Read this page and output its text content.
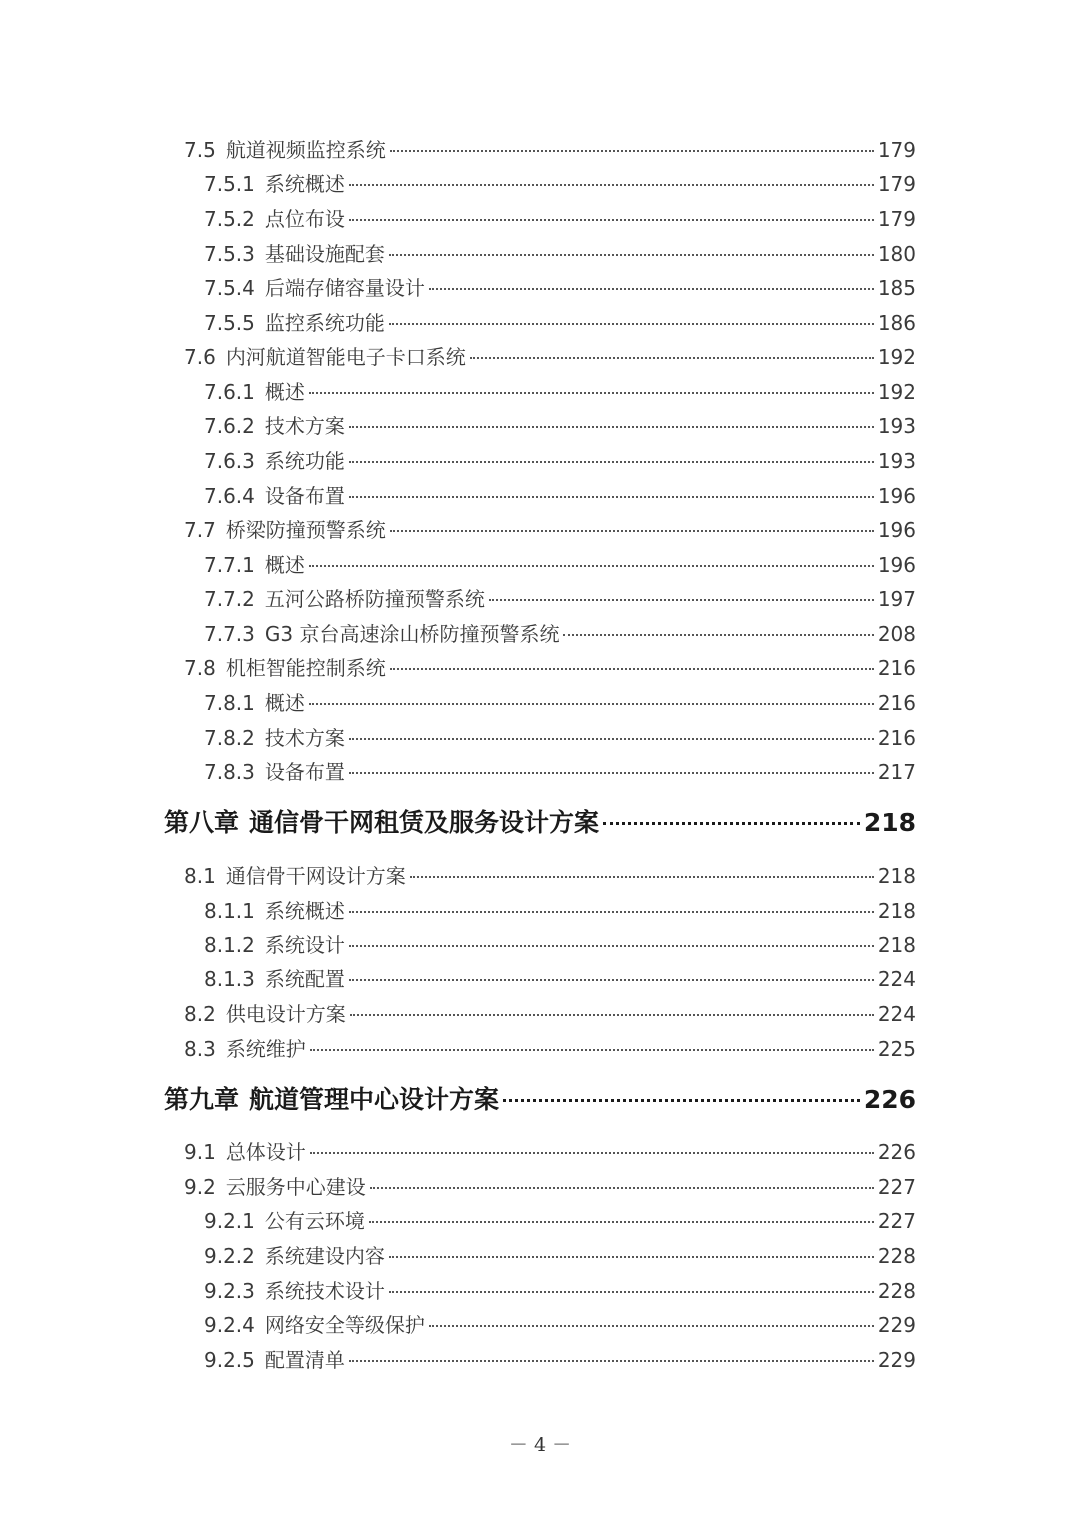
7.5 航道视频监控系统	179
7.5.1 系统概述	179
7.5.2 点位布设	179
7.5.3 基础设施配套	180
7.5.4 后端存储容量设计	185
7.5.5 监控系统功能	186
7.6 内河航道智能电子卡口系统	192
7.6.1 概述	192
7.6.2 技术方案	193
7.6.3 系统功能	193
7.6.4 设备布置	196
7.7 桥梁防撞预警系统	196
7.7.1 概述	196
7.7.2 五河公路桥防撞预警系统	197
7.7.3 G3 京台高速涂山桥防撞预警系统	208
7.8 机柜智能控制系统	216
7.8.1 概述	216
7.8.2 技术方案	216
7.8.3 设备布置	217
第八章 通信骨干网租赁及服务设计方案	218
8.1 通信骨干网设计方案	218
8.1.1 系统概述	218
8.1.2 系统设计	218
8.1.3 系统配置	224
8.2 供电设计方案	224
8.3 系统维护	225
第九章 航道管理中心设计方案	226
9.1 总体设计	226
9.2 云服务中心建设	227
9.2.1 公有云环境	227
9.2.2 系统建设内容	228
9.2.3 系统技术设计	228
9.2.4 网络安全等级保护	229
9.2.5 配置清单	229
－ 4 －
